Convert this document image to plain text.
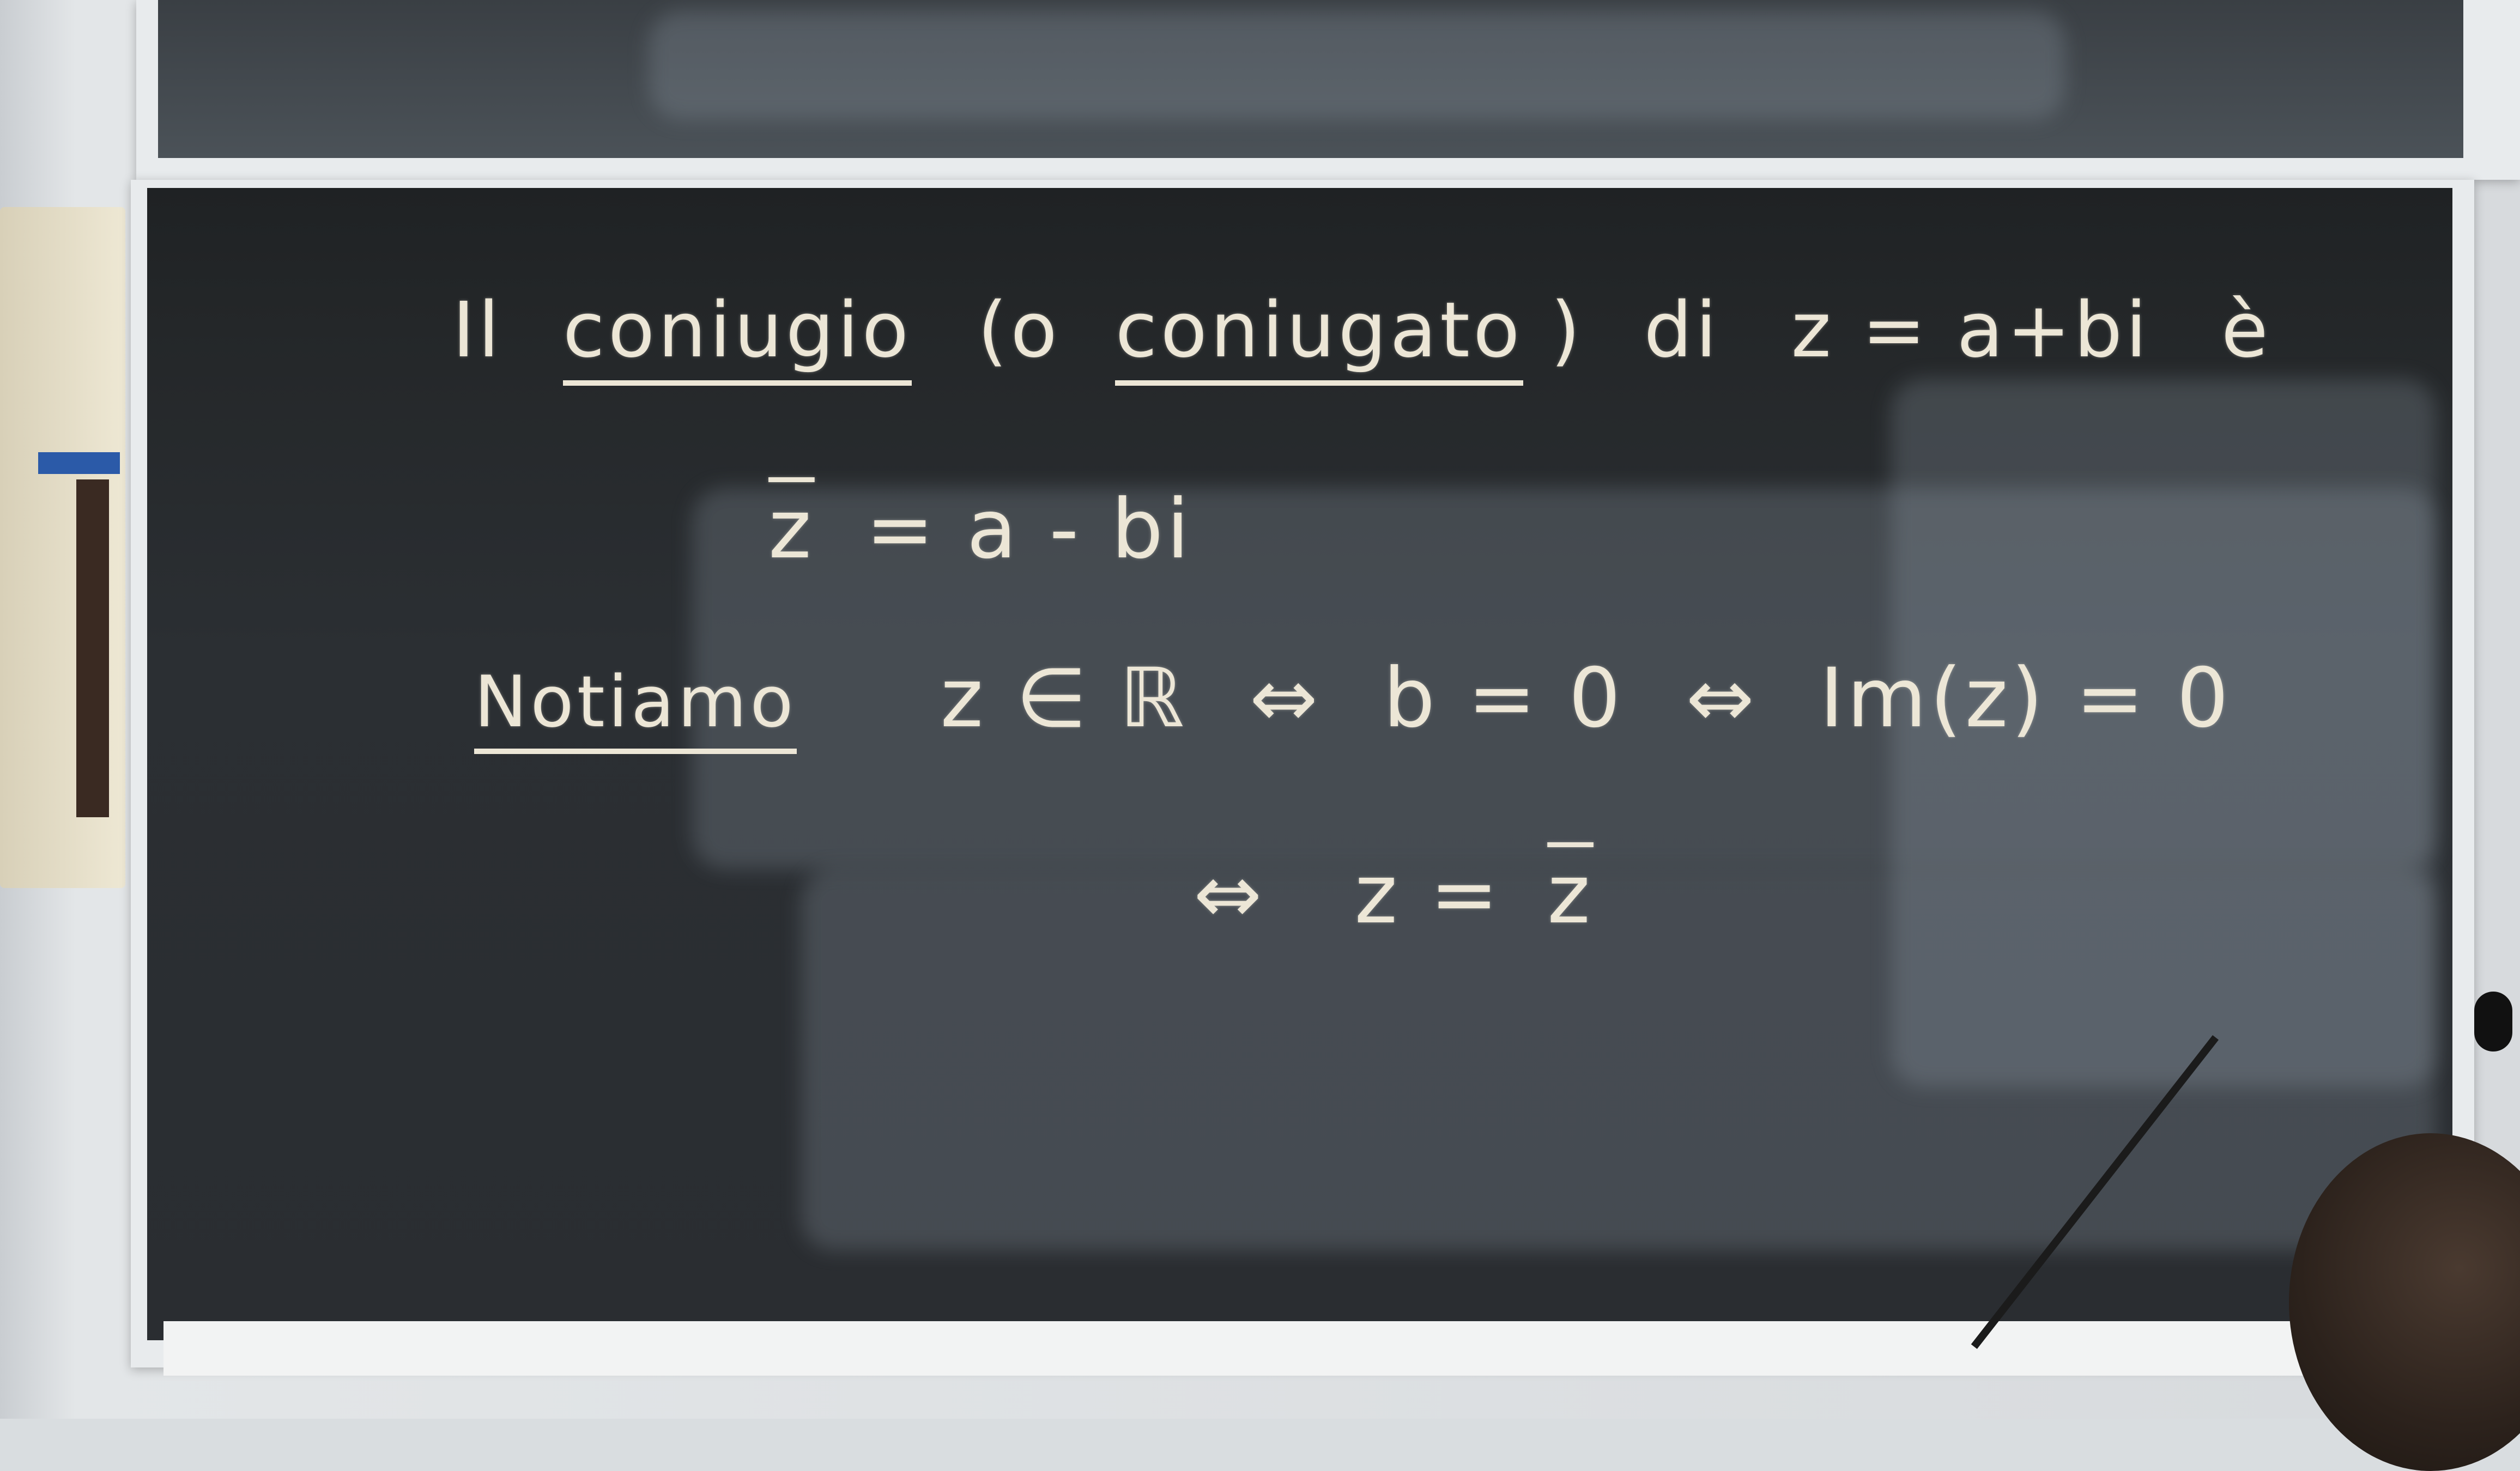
Il coniugio (o coniugato ) di z = a+bi è
$\overline{z} = a$ - bi
Notiamo z ∈ ℝ ⇔ b = 0 ⇔ Im(z) = 0
⇔ $z = \overline{z}$
